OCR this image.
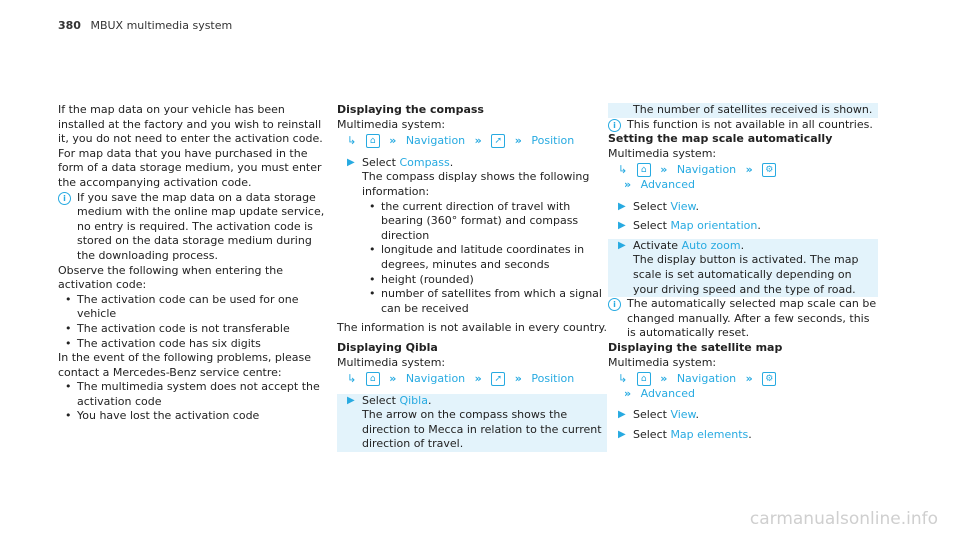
380 MBUX multimedia system

If the map data on your vehicle has been installed at the factory and you wish to reinstall it, you do not need to enter the activation code.

For map data that you have purchased in the form of a data storage medium, you must enter the accompanying activation code.

i	If you save the map data on a data storage medium with the online map update service, no entry is required. The activation code is stored on the data storage medium during the downloading process.

Observe the following when entering the activation code:

• The activation code can be used for one vehicle
• The activation code is not transferable
• The activation code has six digits

In the event of the following problems, please contact a Mercedes-Benz service centre:

• The multimedia system does not accept the activation code
• You have lost the activation code

Displaying the compass

Multimedia system:

↳ ⌂ » Navigation » ➚ » Position
▶ Select Compass.
The compass display shows the following information:
• the current direction of travel with bearing (360° format) and compass direction
• longitude and latitude coordinates in degrees, minutes and seconds
• height (rounded)
• number of satellites from which a signal can be received

The information is not available in every country.

Displaying Qibla

Multimedia system:

↳ ⌂ » Navigation » ➚ » Position
▶ Select Qibla.
The arrow on the compass shows the direction to Mecca in relation to the current direction of travel.
The number of satellites received is shown.
i	This function is not available in all countries.

Setting the map scale automatically

Multimedia system:

↳ ⌂ » Navigation » ⚙
» Advanced
▶ Select View.
▶ Select Map orientation.
▶ Activate Auto zoom.
The display button is activated. The map scale is set automatically depending on your driving speed and the type of road.
i	The automatically selected map scale can be changed manually. After a few seconds, this is automatically reset.

Displaying the satellite map

Multimedia system:

↳ ⌂ » Navigation » ⚙
» Advanced
▶ Select View.
▶ Select Map elements.
carmanualsonline.info
